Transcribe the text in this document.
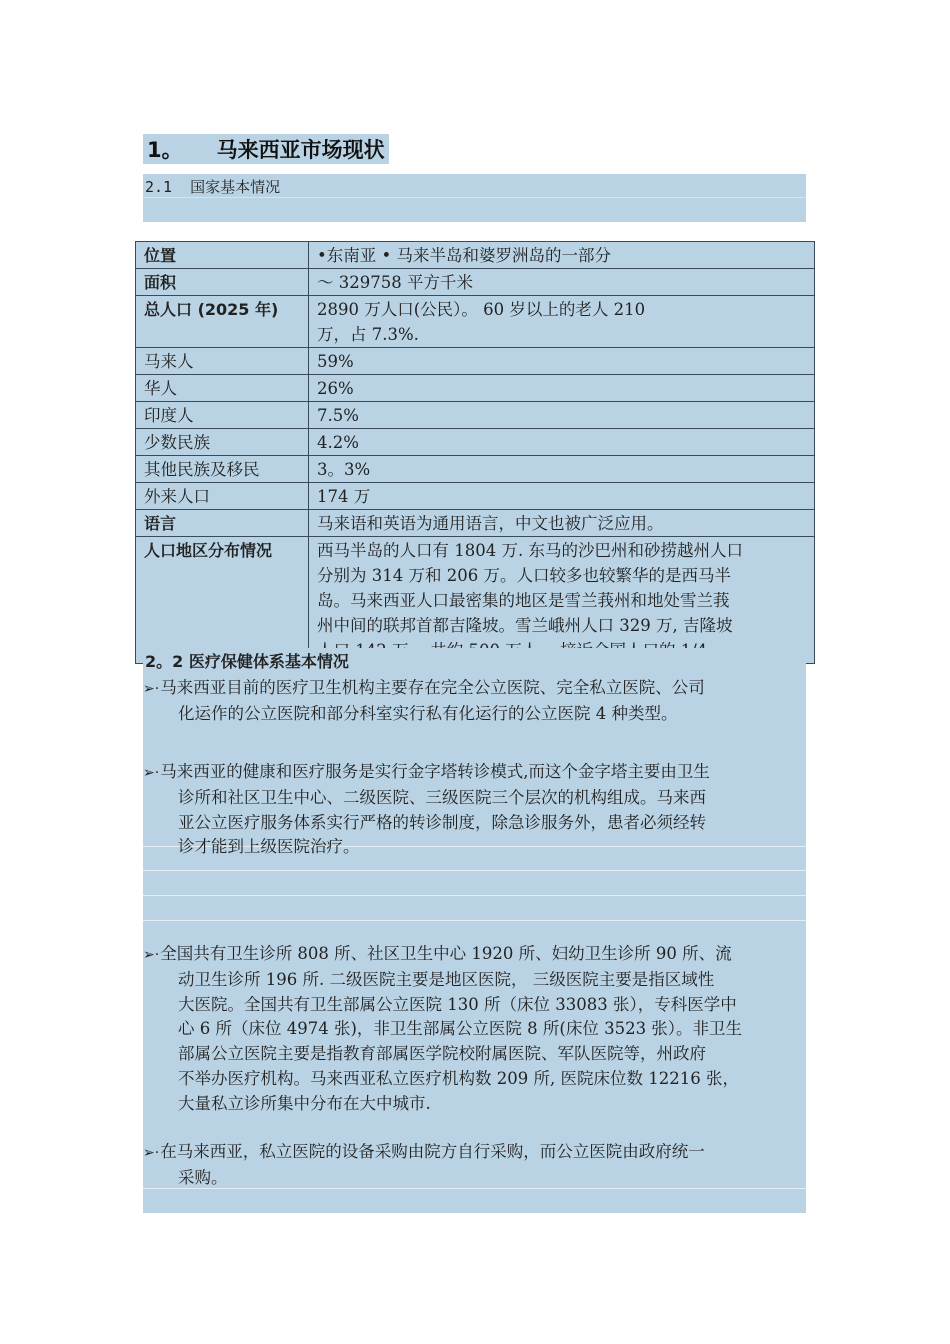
1。 马来西亚市场现状
2.1 国家基本情况
位置	•东南亚 • 马来半岛和婆罗洲岛的一部分

面积	～ 329758 平方千米

总人口 (2025 年)	2890 万人口(公民）。 60 岁以上的老人 210
万，占 7.3%.

马来人	59%

华人	26%

印度人	7.5%

少数民族	4.2%

其他民族及移民	3。3%

外来人口	174 万

语言	马来语和英语为通用语言，中文也被广泛应用。

人口地区分布情况	西马半岛的人口有 1804 万. 东马的沙巴州和砂捞越州人口
分别为 314 万和 206 万。人口较多也较繁华的是西马半
岛。马来西亚人口最密集的地区是雪兰莪州和地处雪兰莪
州中间的联邦首都吉隆坡。雪兰峨州人口 329 万, 吉隆坡
2。2 医疗保健体系基本情况
➢·马来西亚目前的医疗卫生机构主要存在完全公立医院、完全私立医院、公司
化运作的公立医院和部分科室实行私有化运行的公立医院 4 种类型。
➢·马来西亚的健康和医疗服务是实行金字塔转诊模式,而这个金字塔主要由卫生
诊所和社区卫生中心、二级医院、三级医院三个层次的机构组成。马来西
亚公立医疗服务体系实行严格的转诊制度，除急诊服务外，患者必须经转
诊才能到上级医院治疗。
➢·全国共有卫生诊所 808 所、社区卫生中心 1920 所、妇幼卫生诊所 90 所、流
动卫生诊所 196 所. 二级医院主要是地区医院， 三级医院主要是指区域性
大医院。全国共有卫生部属公立医院 130 所（床位 33083 张），专科医学中
心 6 所（床位 4974 张)，非卫生部属公立医院 8 所(床位 3523 张）。非卫生
部属公立医院主要是指教育部属医学院校附属医院、军队医院等，州政府
不举办医疗机构。马来西亚私立医疗机构数 209 所, 医院床位数 12216 张，
大量私立诊所集中分布在大中城市.
➢·在马来西亚，私立医院的设备采购由院方自行采购，而公立医院由政府统一
采购。
